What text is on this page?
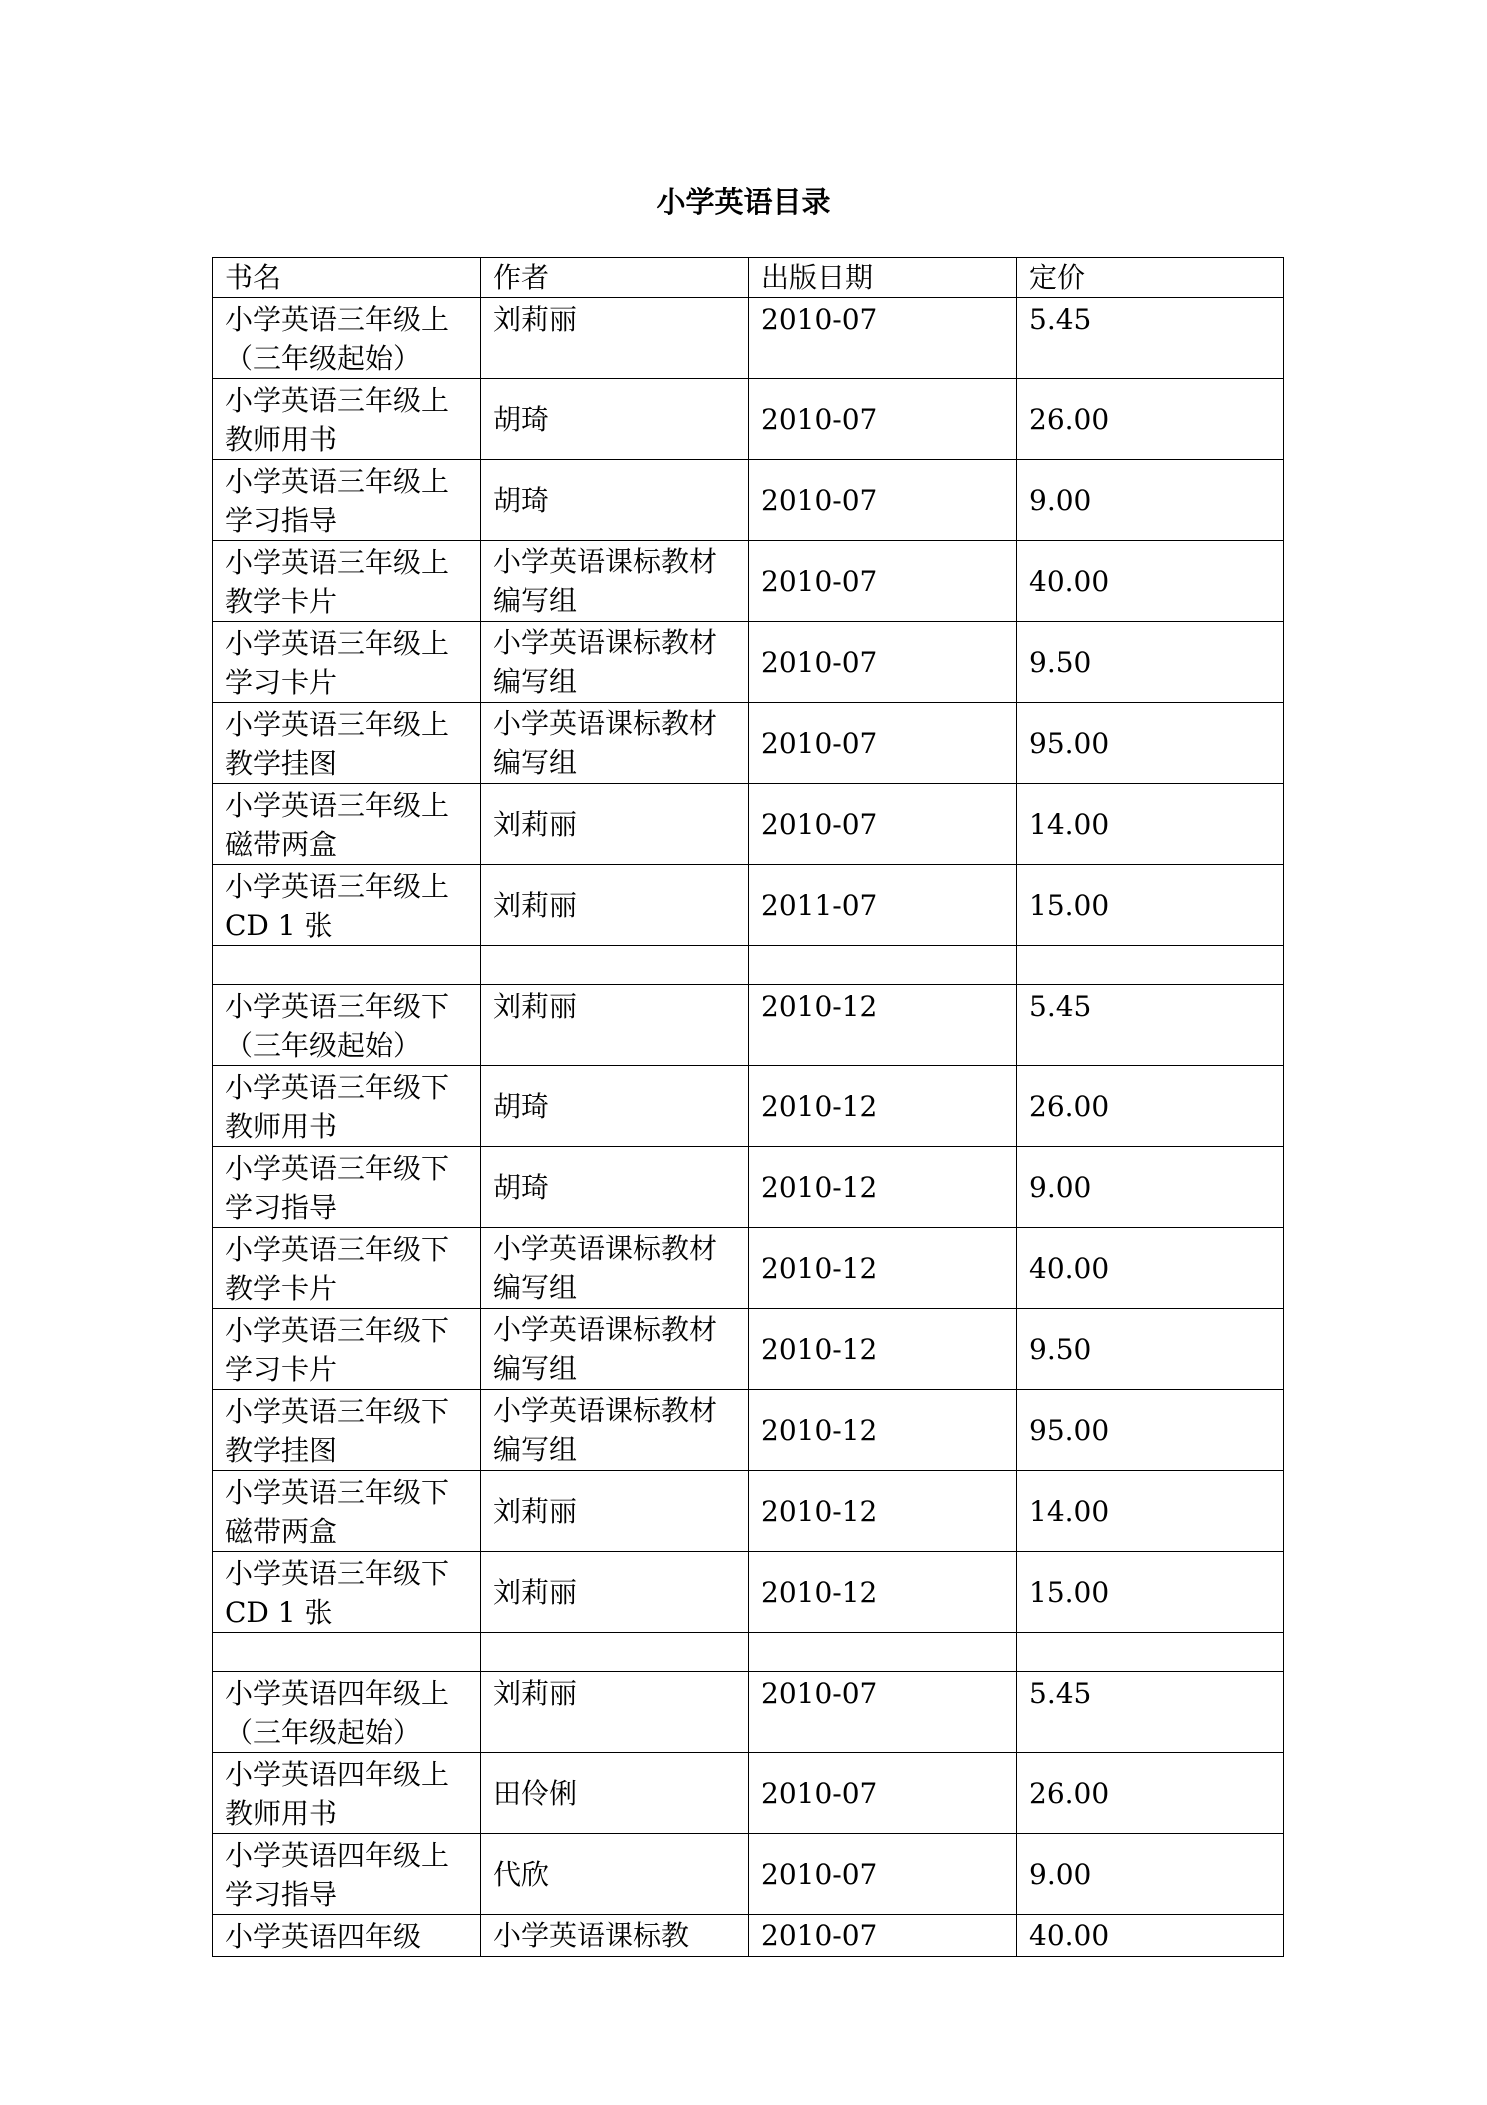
小学英语目录
书名	作者	出版日期	定价
小学英语三年级上（三年级起始）	刘莉丽	2010-07	5.45
小学英语三年级上教师用书	胡琦	2010-07	26.00
小学英语三年级上学习指导	胡琦	2010-07	9.00
小学英语三年级上教学卡片	小学英语课标教材编写组	2010-07	40.00
小学英语三年级上学习卡片	小学英语课标教材编写组	2010-07	9.50
小学英语三年级上教学挂图	小学英语课标教材编写组	2010-07	95.00
小学英语三年级上磁带两盒	刘莉丽	2010-07	14.00
小学英语三年级上 CD 1 张	刘莉丽	2011-07	15.00

小学英语三年级下（三年级起始）	刘莉丽	2010-12	5.45
小学英语三年级下教师用书	胡琦	2010-12	26.00
小学英语三年级下学习指导	胡琦	2010-12	9.00
小学英语三年级下教学卡片	小学英语课标教材编写组	2010-12	40.00
小学英语三年级下学习卡片	小学英语课标教材编写组	2010-12	9.50
小学英语三年级下教学挂图	小学英语课标教材编写组	2010-12	95.00
小学英语三年级下磁带两盒	刘莉丽	2010-12	14.00
小学英语三年级下 CD 1 张	刘莉丽	2010-12	15.00

小学英语四年级上（三年级起始）	刘莉丽	2010-07	5.45
小学英语四年级上教师用书	田伶俐	2010-07	26.00
小学英语四年级上学习指导	代欣	2010-07	9.00
小学英语四年级	小学英语课标教	2010-07	40.00
